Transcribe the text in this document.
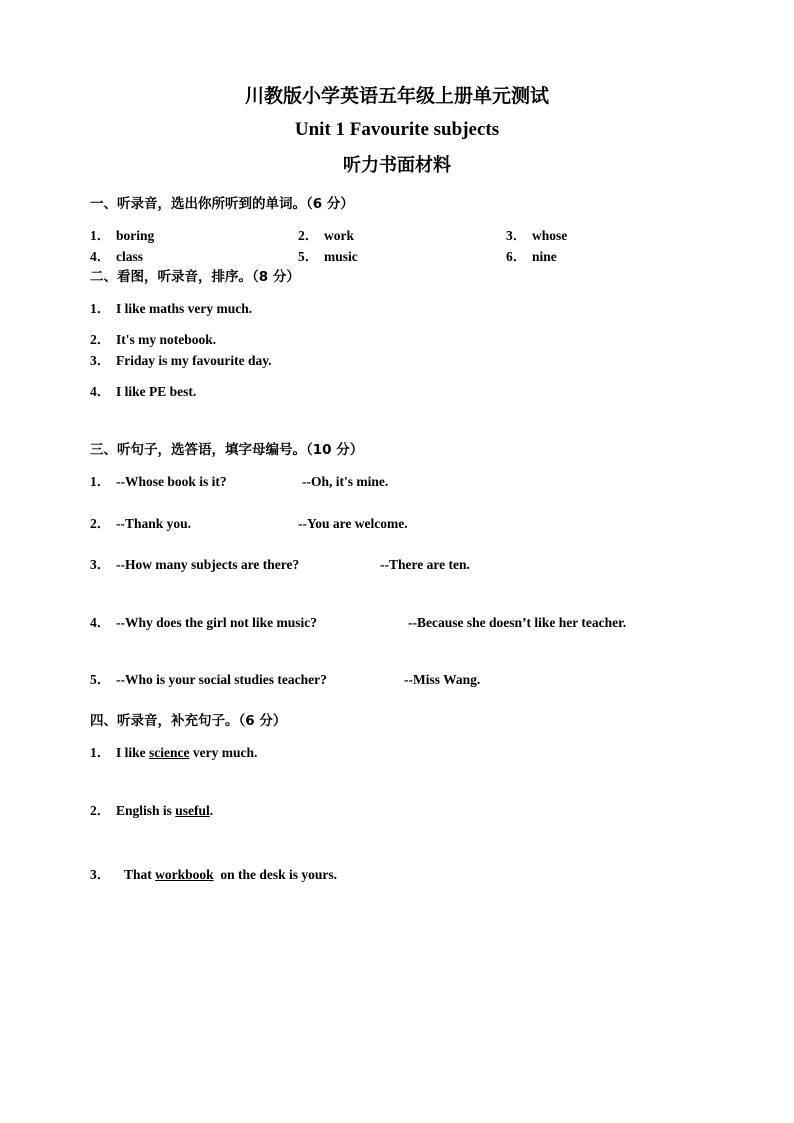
川教版小学英语五年级上册单元测试
Unit 1 Favourite subjects
听力书面材料
一、听录音，选出你所听到的单词。（6 分）
1． boring	2． work	3． whose
4． class	5． music	6． nine
二、看图，听录音，排序。（8 分）
1． I like maths very much.
2． It's my notebook.
3． Friday is my favourite day.
4． I like PE best.
三、听句子，选答语，填字母编号。（10 分）
1． --Whose book is it?	--Oh, it's mine.
2． --Thank you.	--You are welcome.
3． --How many subjects are there?	--There are ten.
4． --Why does the girl not like music?	--Because she doesn’t like her teacher.
5． --Who is your social studies teacher?	--Miss Wang.
四、听录音，补充句子。（6 分）
1． I like science very much.
2． English is useful.
3． That workbook  on the desk is yours.
